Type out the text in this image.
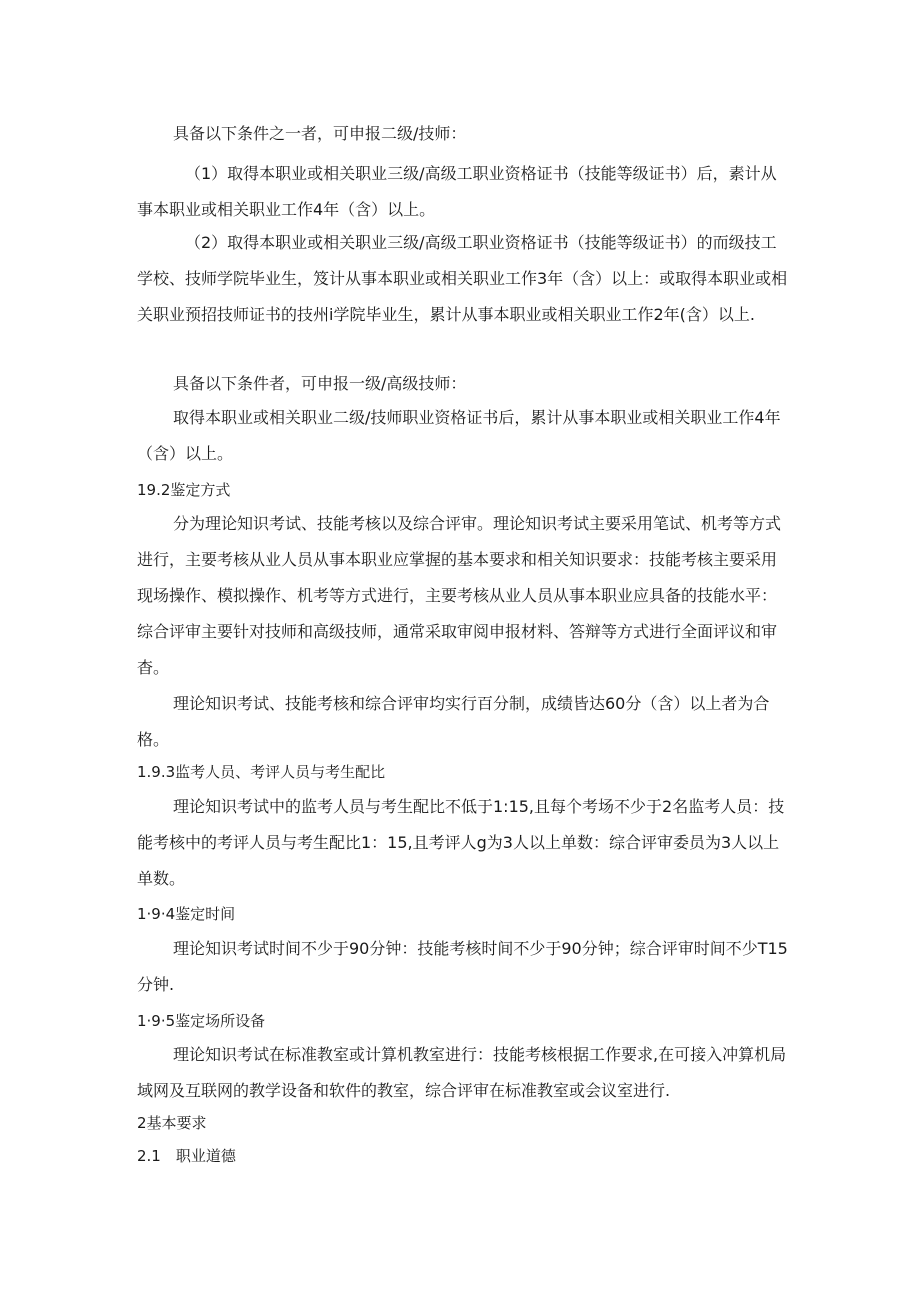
具备以下条件之一者，可申报二级/技师：

（1）取得本职业或相关职业三级/高级工职业资格证书（技能等级证书）后，素计从事本职业或相关职业工作4年（含）以上。

（2）取得本职业或相关职业三级/高级工职业资格证书（技能等级证书）的而级技工学校、技师学院毕业生，笈计从事本职业或相关职业工作3年（含）以上：或取得本职业或相关职业预招技师证书的技州i学院毕业生，累计从事本职业或相关职业工作2年(含）以上.

具备以下条件者，可申报一级/高级技师：

取得本职业或相关职业二级/技师职业资格证书后，累计从事本职业或相关职业工作4年（含）以上。

19.2鉴定方式

分为理论知识考试、技能考核以及综合评审。理论知识考试主要采用笔试、机考等方式进行，主要考核从业人员从事本职业应掌握的基本要求和相关知识要求：技能考核主要采用现场操作、模拟操作、机考等方式进行，主要考核从业人员从事本职业应具备的技能水平：综合评审主要针对技师和高级技师，通常采取审阅申报材料、答辩等方式进行全面评议和审杳。

理论知识考试、技能考核和综合评审均实行百分制，成绩皆达60分（含）以上者为合格。

1.9.3监考人员、考评人员与考生配比

理论知识考试中的监考人员与考生配比不低于1:15,且每个考场不少于2名监考人员：技能考核中的考评人员与考生配比1：15,且考评人g为3人以上单数：综合评审委员为3人以上单数。

1·9·4鉴定时间

理论知识考试时间不少于90分钟：技能考核时间不少于90分钟；综合评审时间不少T15分钟.

1·9·5鉴定场所设备

理论知识考试在标准教室或计算机教室进行：技能考核根据工作要求,在可接入冲算机局域网及互联网的教学设备和软件的教室，综合评审在标准教室或会议室进行.

2基本要求

2.1　职业道德
